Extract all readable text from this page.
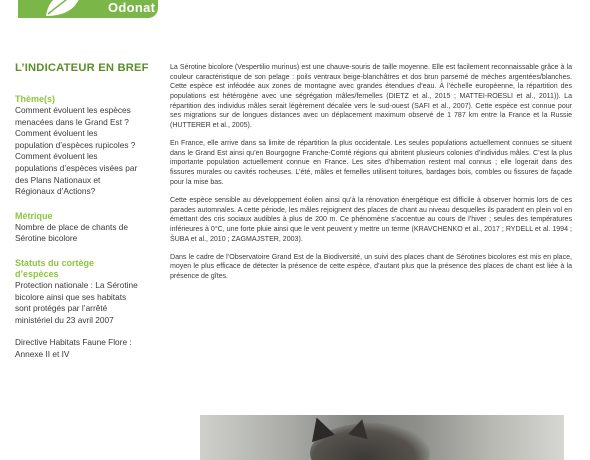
Odonat

L’INDICATEUR EN BREF

Thème(s)

Comment évoluent les espèces

menacées dans le Grand Est ?

Comment évoluent les

population d’espèces rupicoles ?

Comment évoluent les

populations d’espèces visées par

des Plans Nationaux et

Régionaux d’Actions?

Métrique

Nombre de place de chants de

Sérotine bicolore

Statuts du cortège

d’espèces

Protection nationale : La Sérotine

bicolore ainsi que ses habitats

sont protégés par l’arrêté

ministériel du 23 avril 2007

Directive Habitats Faune Flore :

Annexe II et IV

La Sérotine bicolore (Vespertilio murinus) est une chauve-souris de taille moyenne. Elle est facilement reconnaissable grâce à la couleur caractéristique de son pelage : poils ventraux beige-blanchâtres et dos brun parsemé de mèches argentées/blanches. Cette espèce est inféodée aux zones de montagne avec grandes étendues d’eau. À l’échelle européenne, la répartition des populations est hétérogène avec une ségrégation mâles/femelles (DIETZ et al., 2015 ; MATTEI-ROESLI et al., 2011)). La répartition des individus mâles serait légèrement décalée vers le sud-ouest (SAFI et al., 2007). Cette espèce est connue pour ses migrations sur de longues distances avec un déplacement maximum observé de 1 787 km entre la France et la Russie (HUTTERER et al., 2005).

En France, elle arrive dans sa limite de répartition la plus occidentale. Les seules populations actuellement connues se situent dans le Grand Est ainsi qu’en Bourgogne Franche-Comté régions qui abritent plusieurs colonies d’individus mâles. C’est la plus importante population actuellement connue en France. Les sites d’hibernation restent mal connus ; elle logerait dans des fissures murales ou cavités rocheuses. L’été, mâles et femelles utilisent toitures, bardages bois, combles ou fissures de façade pour la mise bas.

Cette espèce sensible au développement éolien ainsi qu’à la rénovation énergétique est difficile à observer hormis lors de ces parades automnales. A cette période, les mâles rejoignent des places de chant au niveau desquelles ils paradent en plein vol en émettant des cris sociaux audibles à plus de 200 m. Ce phénomène s’accentue au cours de l’hiver ; seules des températures inférieures à 0°C, une forte pluie ainsi que le vent peuvent y mettre un terme (KRAVCHENKO et al., 2017 ; RYDELL et al. 1994 ; ŠUBA et al., 2010 ; ZAGMAJSTER, 2003).

Dans le cadre de l’Observatoire Grand Est de la Biodiversité, un suivi des places chant de Sérotines bicolores est mis en place, moyen le plus efficace de détecter la présence de cette espèce, d’autant plus que la présence des places de chant est liée à la présence de gîtes.
